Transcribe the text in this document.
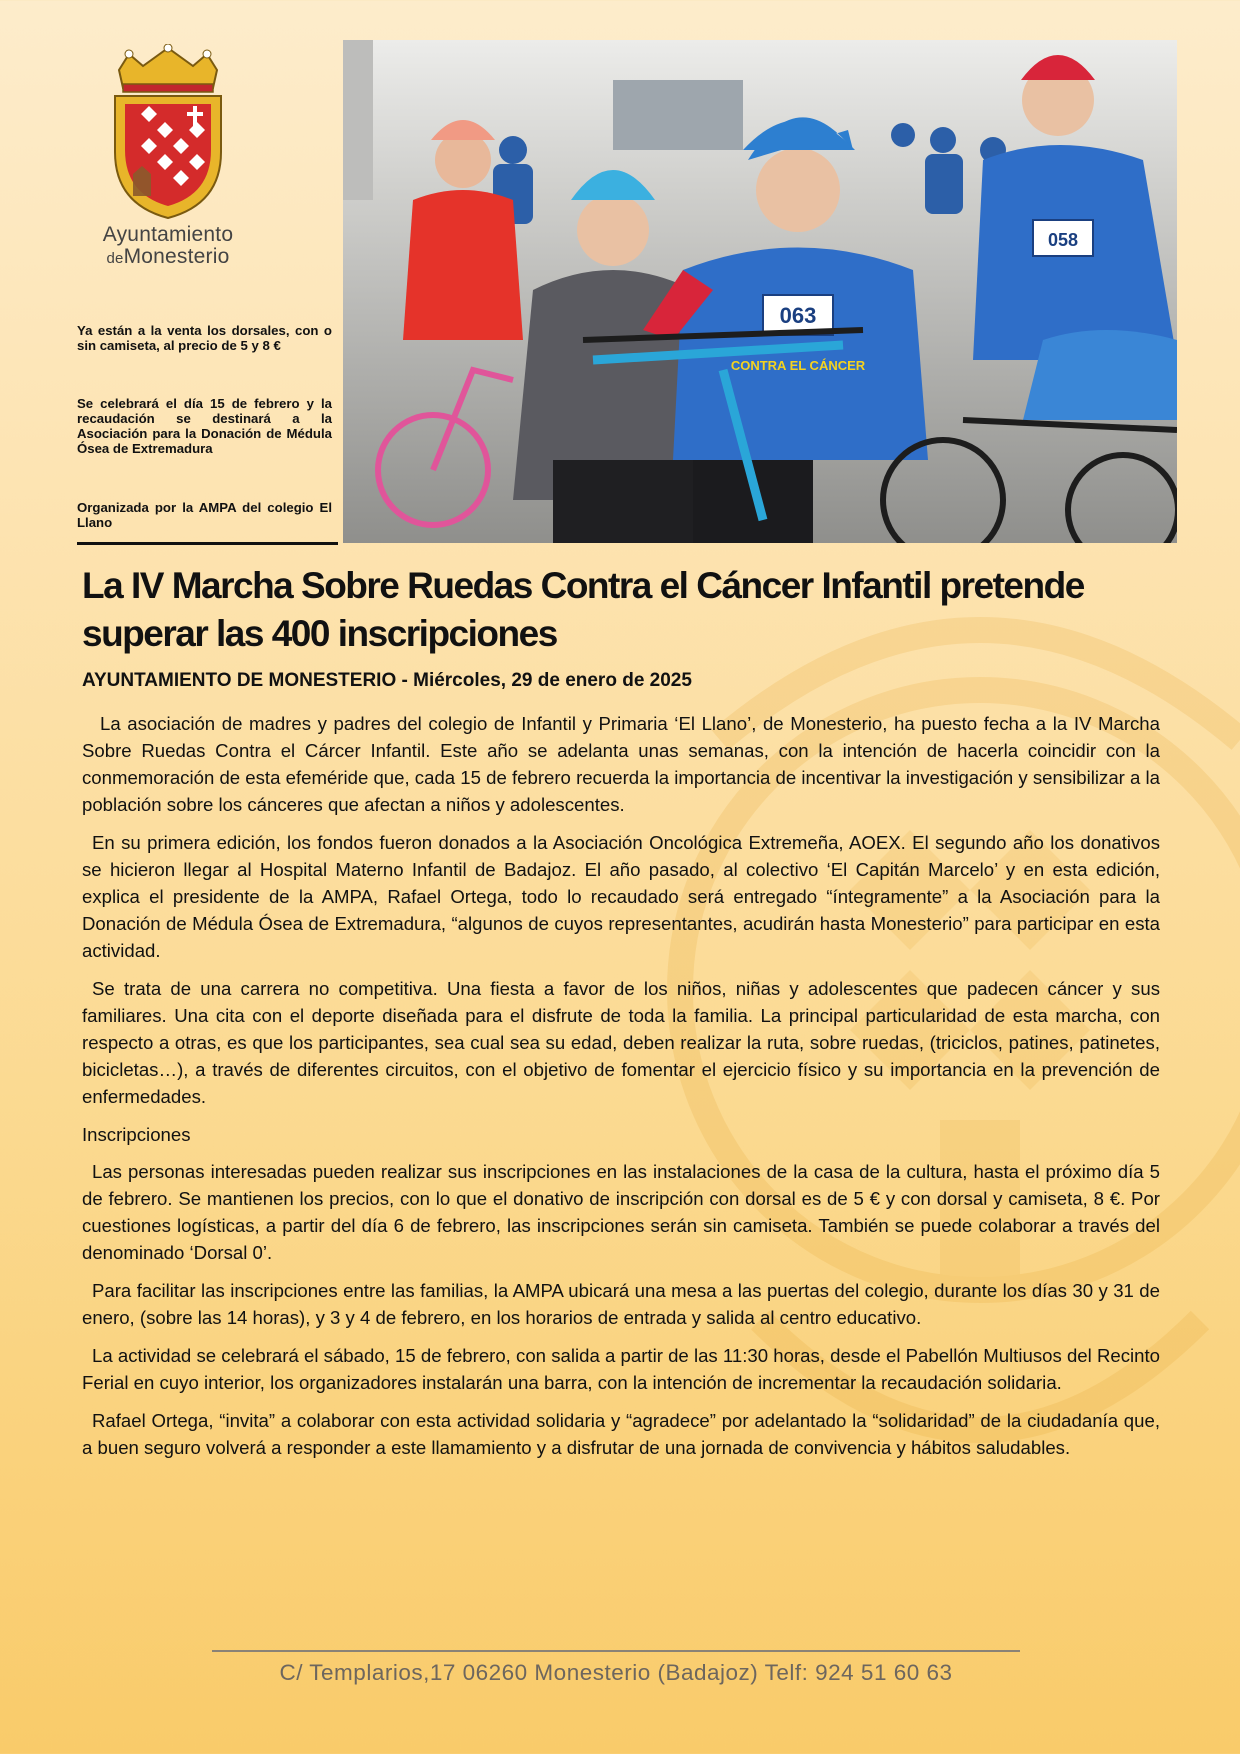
Ayuntamiento
deMonesterio
Ya están a la venta los dorsales, con o sin camiseta, al precio de 5 y 8 €
Se celebrará el día 15 de febrero y la recaudación se destinará a la Asociación para la Donación de Médula Ósea de Extremadura
Organizada por la AMPA del colegio El Llano
063
CONTRA EL CÁNCER
058
La IV Marcha Sobre Ruedas Contra el Cáncer Infantil pretende superar las 400 inscripciones
AYUNTAMIENTO DE MONESTERIO - Miércoles, 29 de enero de 2025

La asociación de madres y padres del colegio de Infantil y Primaria ‘El Llano’, de Monesterio, ha puesto fecha a la IV Marcha Sobre Ruedas Contra el Cárcer Infantil. Este año se adelanta unas semanas, con la intención de hacerla coincidir con la conmemoración de esta efeméride que, cada 15 de febrero recuerda la importancia de incentivar la investigación y sensibilizar a la población sobre los cánceres que afectan a niños y adolescentes.

En su primera edición, los fondos fueron donados a la Asociación Oncológica Extremeña, AOEX. El segundo año los donativos se hicieron llegar al Hospital Materno Infantil de Badajoz. El año pasado, al colectivo ‘El Capitán Marcelo’ y en esta edición, explica el presidente de la AMPA, Rafael Ortega, todo lo recaudado será entregado “íntegramente” a la Asociación para la Donación de Médula Ósea de Extremadura, “algunos de cuyos representantes, acudirán hasta Monesterio” para participar en esta actividad.

Se trata de una carrera no competitiva. Una fiesta a favor de los niños, niñas y adolescentes que padecen cáncer y sus familiares. Una cita con el deporte diseñada para el disfrute de toda la familia. La principal particularidad de esta marcha, con respecto a otras, es que los participantes, sea cual sea su edad, deben realizar la ruta, sobre ruedas, (triciclos, patines, patinetes, bicicletas…), a través de diferentes circuitos, con el objetivo de fomentar el ejercicio físico y su importancia en la prevención de enfermedades.

Inscripciones

Las personas interesadas pueden realizar sus inscripciones en las instalaciones de la casa de la cultura, hasta el próximo día 5 de febrero. Se mantienen los precios, con lo que el donativo de inscripción con dorsal es de 5 € y con dorsal y camiseta, 8 €. Por cuestiones logísticas, a partir del día 6 de febrero, las inscripciones serán sin camiseta. También se puede colaborar a través del denominado ‘Dorsal 0’.

Para facilitar las inscripciones entre las familias, la AMPA ubicará una mesa a las puertas del colegio, durante los días 30 y 31 de enero, (sobre las 14 horas), y 3 y 4 de febrero, en los horarios de entrada y salida al centro educativo.

La actividad se celebrará el sábado, 15 de febrero, con salida a partir de las 11:30 horas, desde el Pabellón Multiusos del Recinto Ferial en cuyo interior, los organizadores instalarán una barra, con la intención de incrementar la recaudación solidaria.

Rafael Ortega, “invita” a colaborar con esta actividad solidaria y “agradece” por adelantado la “solidaridad” de la ciudadanía que, a buen seguro volverá a responder a este llamamiento y a disfrutar de una jornada de convivencia y hábitos saludables.

C/ Templarios,17 06260 Monesterio (Badajoz) Telf: 924 51 60 63
